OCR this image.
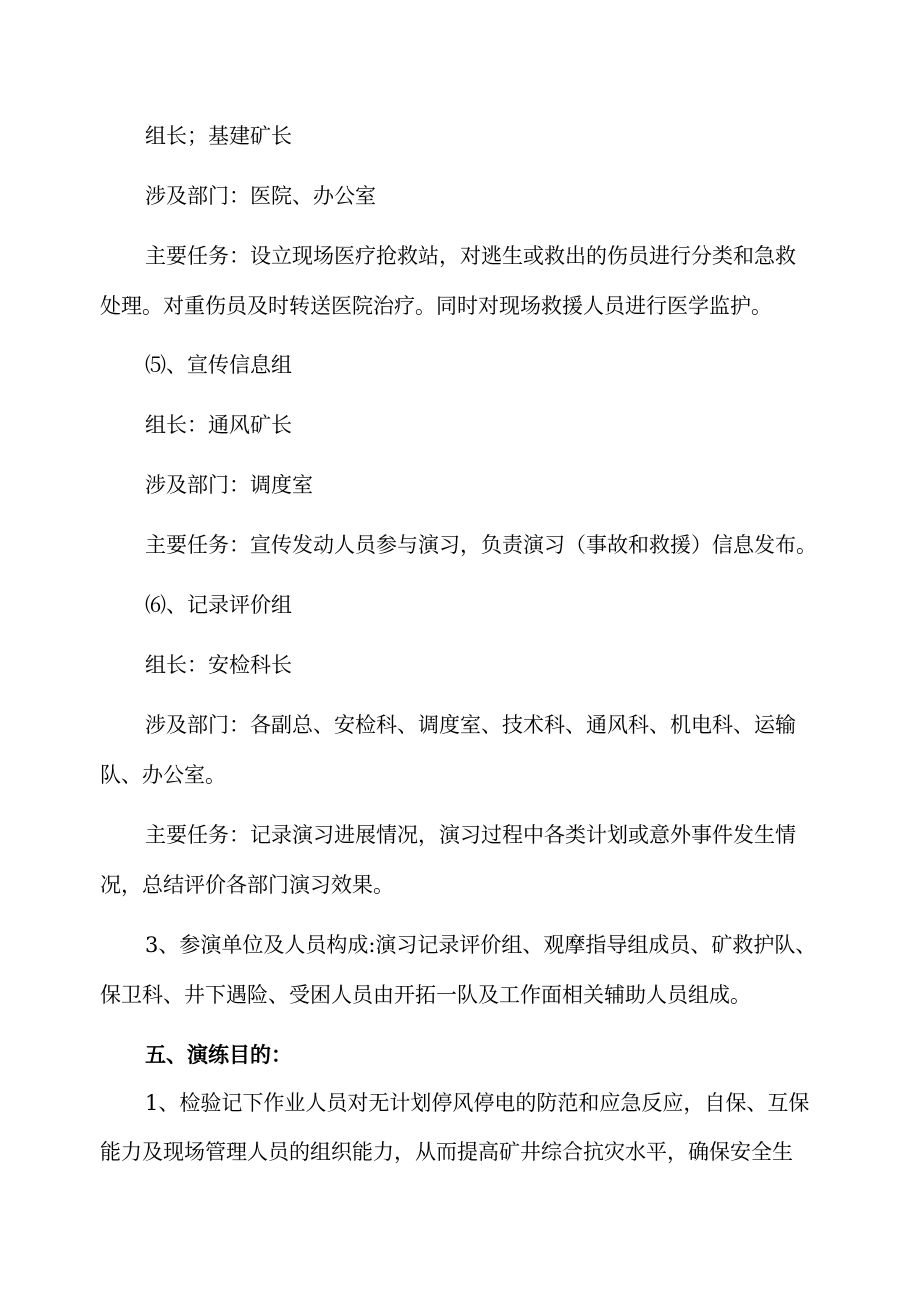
组长；基建矿长
涉及部门：医院、办公室
主要任务：设立现场医疗抢救站，对逃生或救出的伤员进行分类和急救
处理。对重伤员及时转送医院治疗。同时对现场救援人员进行医学监护。
⑸、宣传信息组
组长：通风矿长
涉及部门：调度室
主要任务：宣传发动人员参与演习，负责演习（事故和救援）信息发布。
⑹、记录评价组
组长：安检科长
涉及部门：各副总、安检科、调度室、技术科、通风科、机电科、运输
队、办公室。
主要任务：记录演习进展情况，演习过程中各类计划或意外事件发生情
况，总结评价各部门演习效果。
3、参演单位及人员构成:演习记录评价组、观摩指导组成员、矿救护队、
保卫科、井下遇险、受困人员由开拓一队及工作面相关辅助人员组成。
五、演练目的：
1、检验记下作业人员对无计划停风停电的防范和应急反应，自保、互保
能力及现场管理人员的组织能力，从而提高矿井综合抗灾水平，确保安全生
